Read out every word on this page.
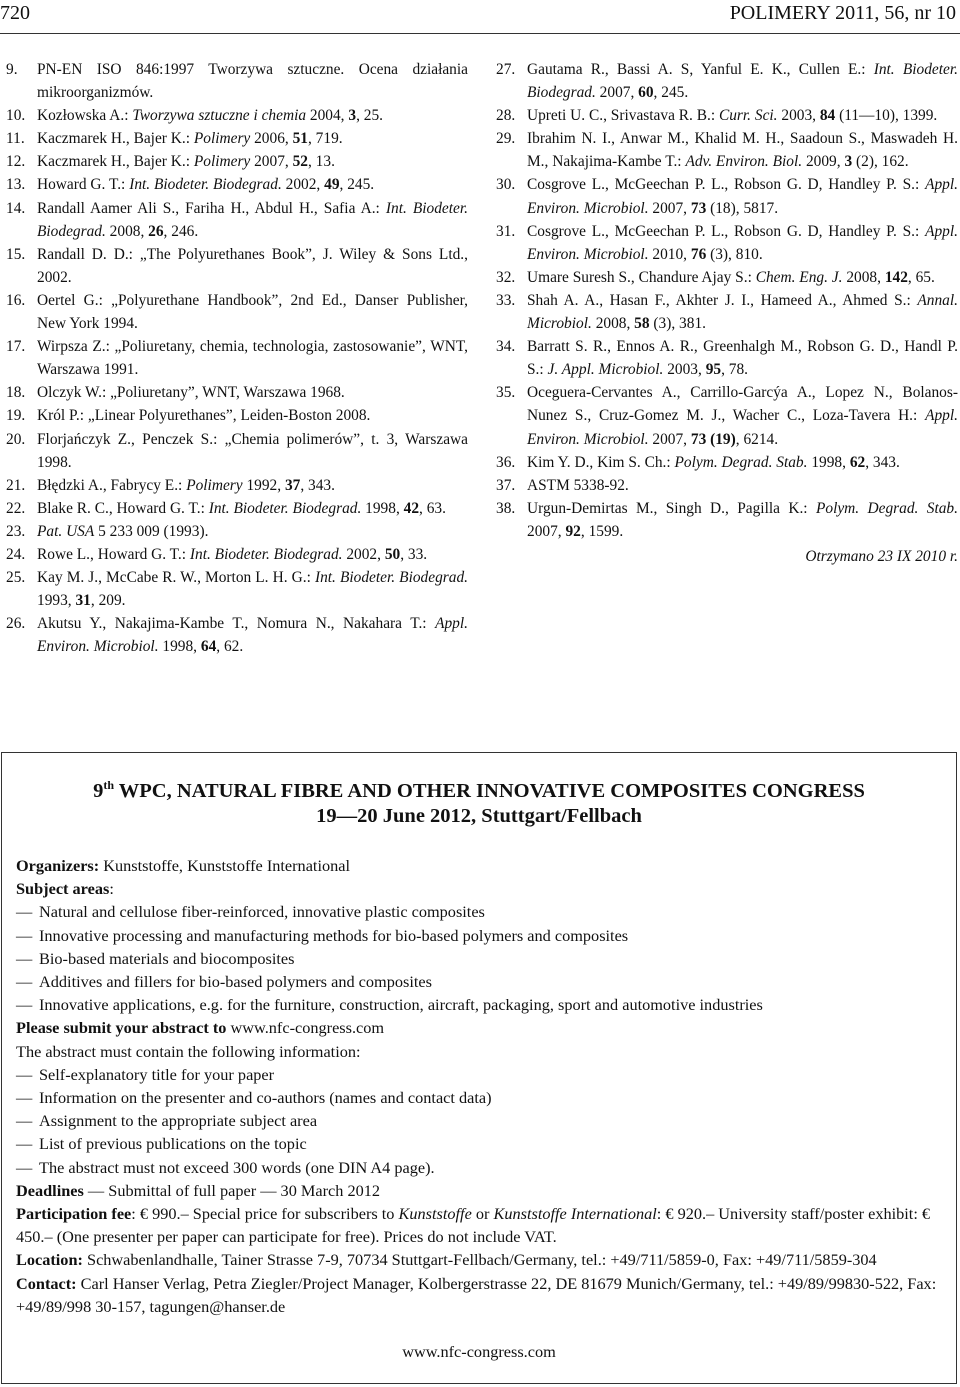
720	POLIMERY 2011, 56, nr 10
9.	PN-EN ISO 846:1997 Tworzywa sztuczne. Ocena działania mikroorganizmów.
10. Kozłowska A.: Tworzywa sztuczne i chemia 2004, 3, 25.
11. Kaczmarek H., Bajer K.: Polimery 2006, 51, 719.
12. Kaczmarek H., Bajer K.: Polimery 2007, 52, 13.
13. Howard G. T.: Int. Biodeter. Biodegrad. 2002, 49, 245.
14. Randall Aamer Ali S., Fariha H., Abdul H., Safia A.: Int. Biodeter. Biodegrad. 2008, 26, 246.
15. Randall D. D.: „The Polyurethanes Book”, J. Wiley & Sons Ltd., 2002.
16. Oertel G.: „Polyurethane Handbook”, 2nd Ed., Danser Publisher, New York 1994.
17. Wirpsza Z.: „Poliuretany, chemia, technologia, zastosowanie”, WNT, Warszawa 1991.
18. Olczyk W.: „Poliuretany”, WNT, Warszawa 1968.
19. Król P.: „Linear Polyurethanes”, Leiden-Boston 2008.
20. Florjańczyk Z., Penczek S.: „Chemia polimerów”, t. 3, Warszawa 1998.
21. Błędzki A., Fabrycy E.: Polimery 1992, 37, 343.
22. Blake R. C., Howard G. T.: Int. Biodeter. Biodegrad. 1998, 42, 63.
23. Pat. USA 5 233 009 (1993).
24. Rowe L., Howard G. T.: Int. Biodeter. Biodegrad. 2002, 50, 33.
25. Kay M. J., McCabe R. W., Morton L. H. G.: Int. Biodeter. Biodegrad. 1993, 31, 209.
26. Akutsu Y., Nakajima-Kambe T., Nomura N., Nakahara T.: Appl. Environ. Microbiol. 1998, 64, 62.
27. Gautama R., Bassi A. S, Yanful E. K., Cullen E.: Int. Biodeter. Biodegrad. 2007, 60, 245.
28. Upreti U. C., Srivastava R. B.: Curr. Sci. 2003, 84 (11—10), 1399.
29. Ibrahim N. I., Anwar M., Khalid M. H., Saadoun S., Maswadeh H. M., Nakajima-Kambe T.: Adv. Environ. Biol. 2009, 3 (2), 162.
30. Cosgrove L., McGeechan P. L., Robson G. D, Handley P. S.: Appl. Environ. Microbiol. 2007, 73 (18), 5817.
31. Cosgrove L., McGeechan P. L., Robson G. D, Handley P. S.: Appl. Environ. Microbiol. 2010, 76 (3), 810.
32. Umare Suresh S., Chandure Ajay S.: Chem. Eng. J. 2008, 142, 65.
33. Shah A. A., Hasan F., Akhter J. I., Hameed A., Ahmed S.: Annal. Microbiol. 2008, 58 (3), 381.
34. Barratt S. R., Ennos A. R., Greenhalgh M., Robson G. D., Handl P. S.: J. Appl. Microbiol. 2003, 95, 78.
35. Oceguera-Cervantes A., Carrillo-Garcýa A., Lopez N., Bolanos-Nunez S., Cruz-Gomez M. J., Wacher C., Loza-Tavera H.: Appl. Environ. Microbiol. 2007, 73 (19), 6214.
36. Kim Y. D., Kim S. Ch.: Polym. Degrad. Stab. 1998, 62, 343.
37. ASTM 5338-92.
38. Urgun-Demirtas M., Singh D., Pagilla K.: Polym. Degrad. Stab. 2007, 92, 1599.
Otrzymano 23 IX 2010 r.
9th WPC, NATURAL FIBRE AND OTHER INNOVATIVE COMPOSITES CONGRESS
19—20 June 2012, Stuttgart/Fellbach

Organizers: Kunststoffe, Kunststoffe International

Subject areas:

— Natural and cellulose fiber-reinforced, innovative plastic composites
— Innovative processing and manufacturing methods for bio-based polymers and composites
— Bio-based materials and biocomposites
— Additives and fillers for bio-based polymers and composites
— Innovative applications, e.g. for the furniture, construction, aircraft, packaging, sport and automotive industries

Please submit your abstract to www.nfc-congress.com

The abstract must contain the following information:

— Self-explanatory title for your paper
— Information on the presenter and co-authors (names and contact data)
— Assignment to the appropriate subject area
— List of previous publications on the topic
— The abstract must not exceed 300 words (one DIN A4 page).

Deadlines — Submittal of full paper — 30 March 2012

Participation fee: € 990.– Special price for subscribers to Kunststoffe or Kunststoffe International: € 920.– University staff/poster exhibit: € 450.– (One presenter per paper can participate for free). Prices do not include VAT.

Location: Schwabenlandhalle, Tainer Strasse 7-9, 70734 Stuttgart-Fellbach/Germany, tel.: +49/711/5859-0, Fax: +49/711/5859-304

Contact: Carl Hanser Verlag, Petra Ziegler/Project Manager, Kolbergerstrasse 22, DE 81679 Munich/Germany, tel.: +49/89/99830-522, Fax: +49/89/998 30-157, tagungen@hanser.de

www.nfc-congress.com
